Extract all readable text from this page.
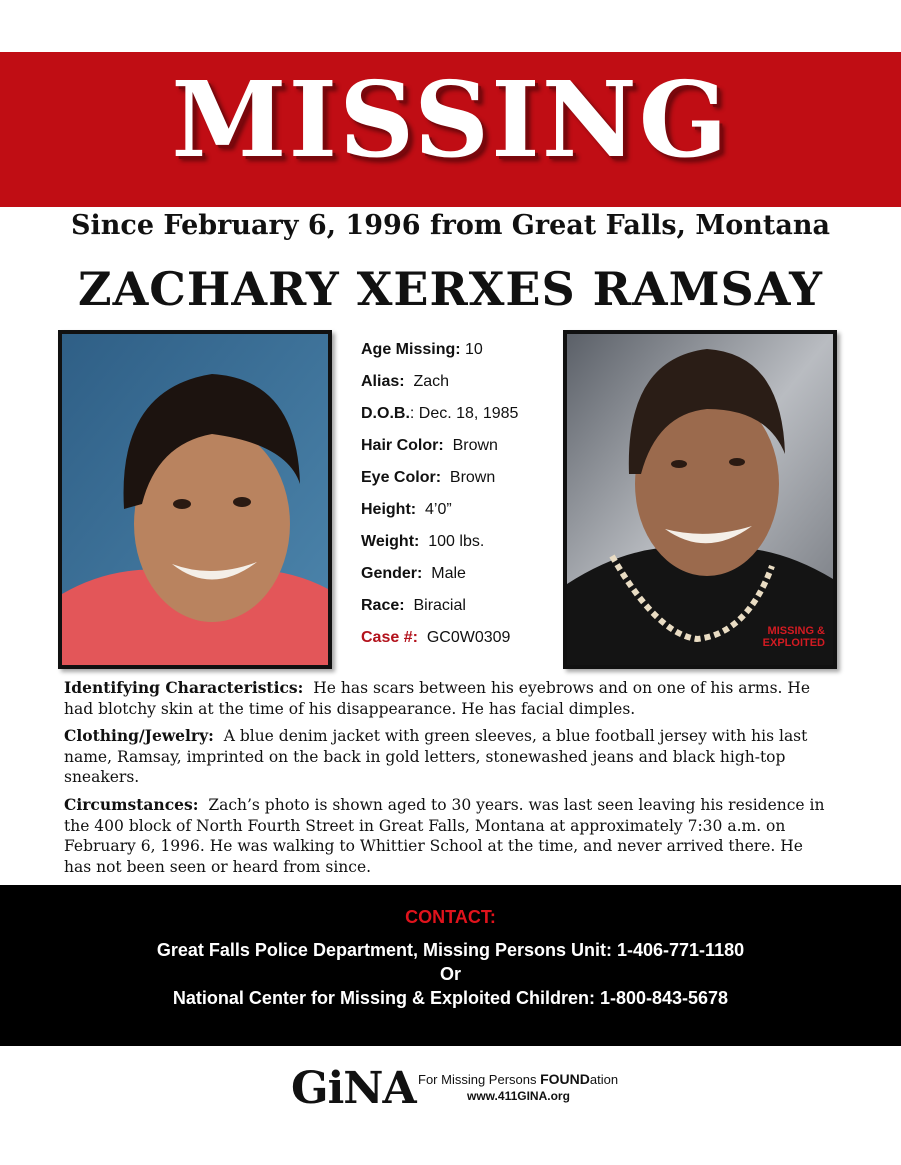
MISSING
Since February 6, 1996 from Great Falls, Montana
ZACHARY XERXES RAMSAY
Age Missing: 10
Alias: Zach
D.O.B.: Dec. 18, 1985
Hair Color: Brown
Eye Color: Brown
Height: 4’0”
Weight: 100 lbs.
Gender: Male
Race: Biracial
Case #: GC0W0309	MISSING &
EXPLOITED
Identifying Characteristics: He has scars between his eyebrows and on one of his arms. He had blotchy skin at the time of his disappearance. He has facial dimples.
Clothing/Jewelry: A blue denim jacket with green sleeves, a blue football jersey with his last name, Ramsay, imprinted on the back in gold letters, stonewashed jeans and black high-top sneakers.
Circumstances: Zach’s photo is shown aged to 30 years. was last seen leaving his residence in the 400 block of North Fourth Street in Great Falls, Montana at approximately 7:30 a.m. on February 6, 1996. He was walking to Whittier School at the time, and never arrived there. He has not been seen or heard from since.
CONTACT:
Great Falls Police Department, Missing Persons Unit: 1-406-771-1180
Or
National Center for Missing & Exploited Children: 1-800-843-5678
GiNA For Missing Persons FOUNDation
www.411GINA.org
